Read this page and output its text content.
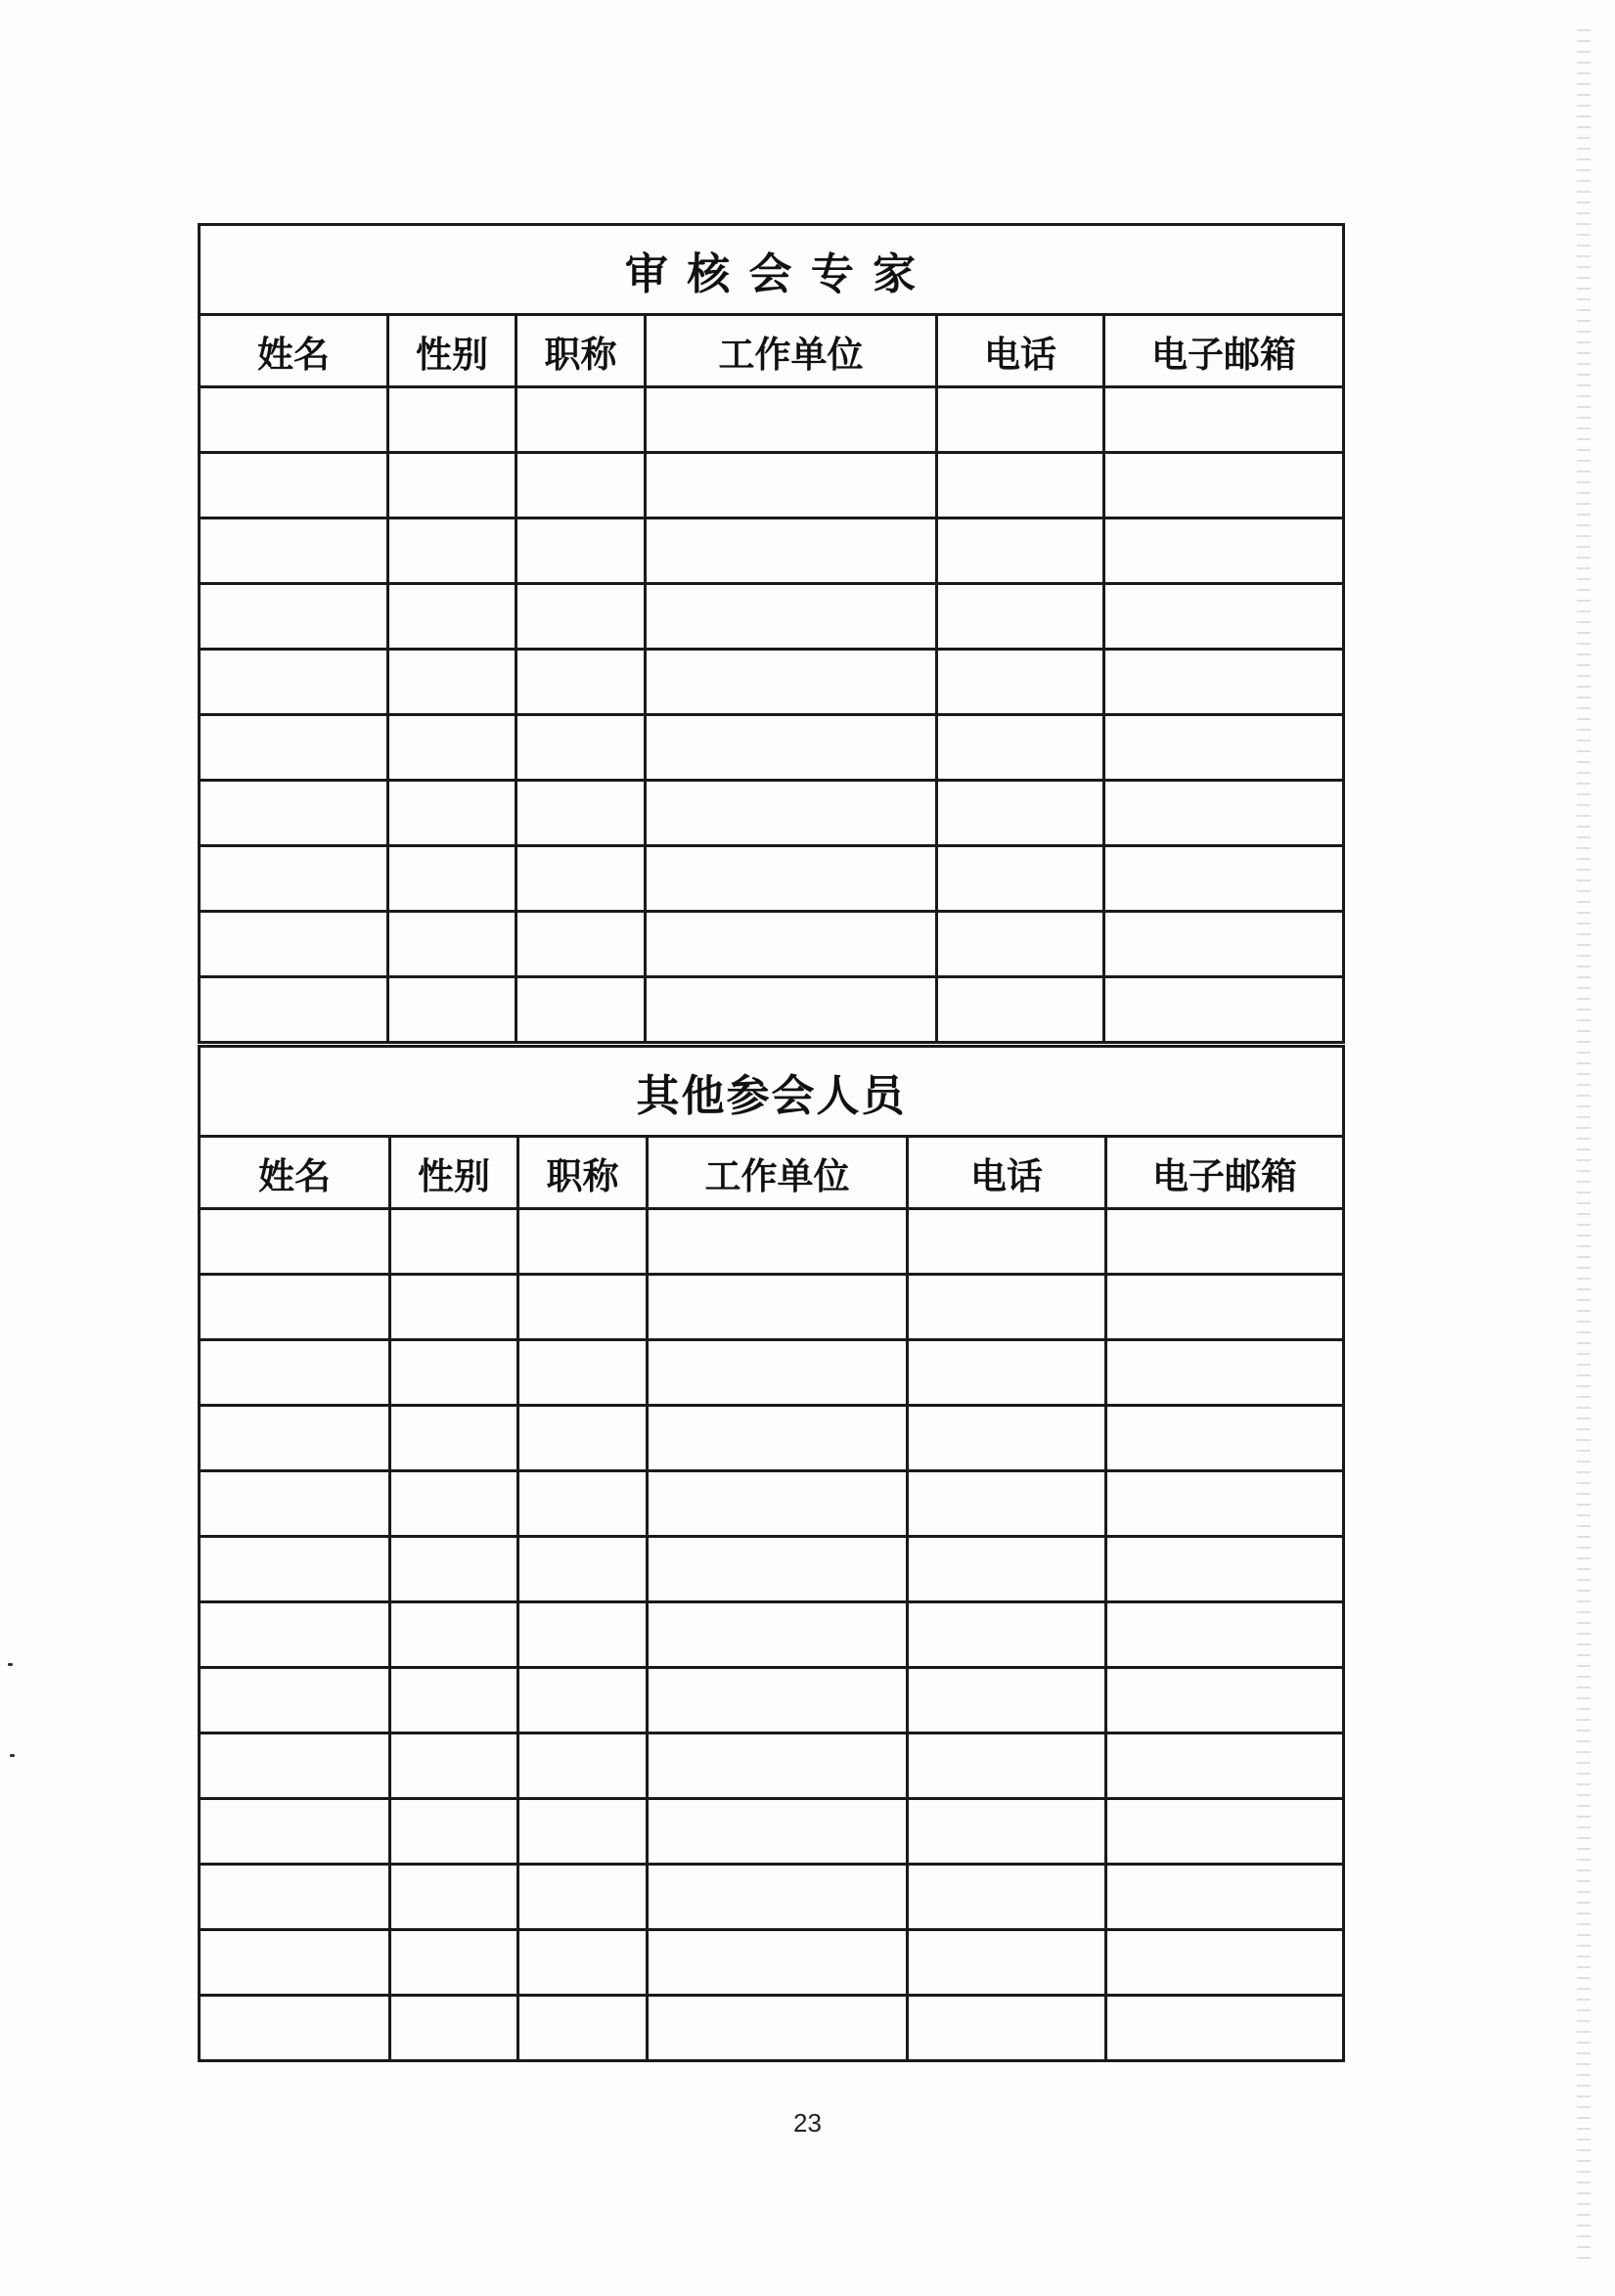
审 核 会 专 家					
姓名	性别	职称	工作单位	电话	电子邮箱

其他参会人员					
姓名	性别	职称	工作单位	电话	电子邮箱

23
